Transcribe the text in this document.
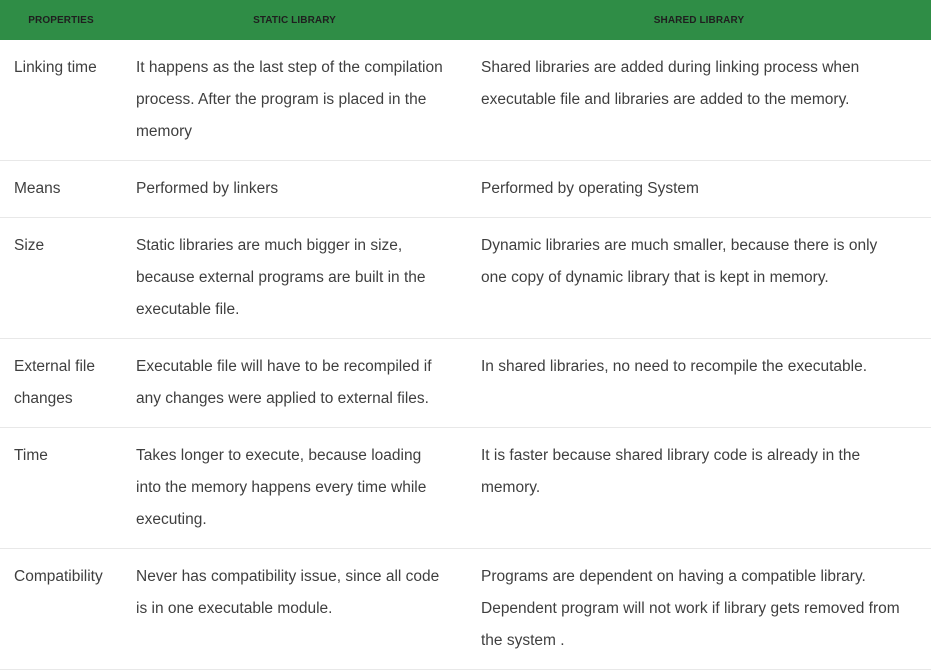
PROPERTIES	STATIC LIBRARY	SHARED LIBRARY
Linking time	It happens as the last step of the compilation process. After the program is placed in the memory	Shared libraries are added during linking process when executable file and libraries are added to the memory.
Means	Performed by linkers	Performed by operating System
Size	Static libraries are much bigger in size, because external programs are built in the executable file.	Dynamic libraries are much smaller, because there is only one copy of dynamic library that is kept in memory.
External file changes	Executable file will have to be recompiled if any changes were applied to external files.	In shared libraries, no need to recompile the executable.
Time	Takes longer to execute, because loading into the memory happens every time while executing.	It is faster because shared library code is already in the memory.
Compatibility	Never has compatibility issue, since all code is in one executable module.	Programs are dependent on having a compatible library. Dependent program will not work if library gets removed from the system .
